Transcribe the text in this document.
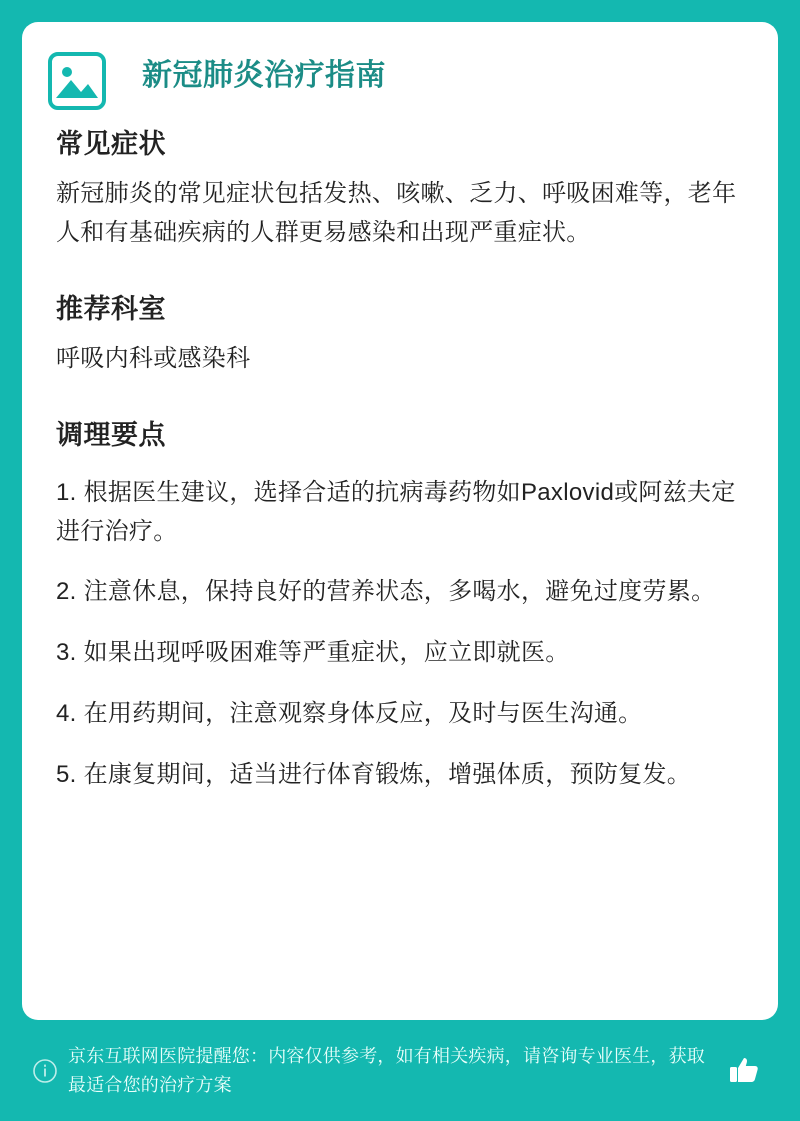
新冠肺炎治疗指南
常见症状

新冠肺炎的常见症状包括发热、咳嗽、乏力、呼吸困难等，老年人和有基础疾病的人群更易感染和出现严重症状。

推荐科室

呼吸内科或感染科

调理要点
1. 根据医生建议，选择合适的抗病毒药物如Paxlovid或阿兹夫定进行治疗。
2. 注意休息，保持良好的营养状态，多喝水，避免过度劳累。
3. 如果出现呼吸困难等严重症状，应立即就医。
4. 在用药期间，注意观察身体反应，及时与医生沟通。
5. 在康复期间，适当进行体育锻炼，增强体质，预防复发。
京东互联网医院提醒您：内容仅供参考，如有相关疾病，请咨询专业医生，获取最适合您的治疗方案
